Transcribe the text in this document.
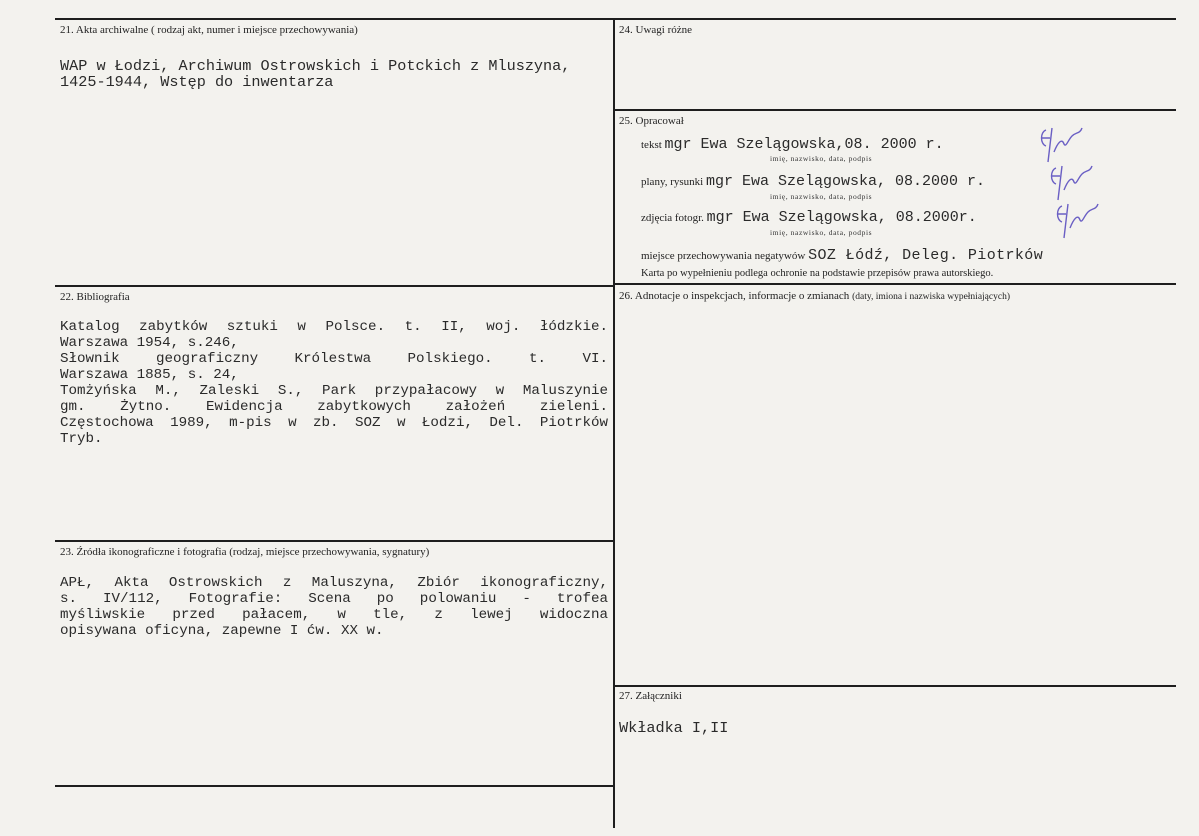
21. Akta archiwalne ( rodzaj akt, numer i miejsce przechowywania)
WAP w Łodzi, Archiwum Ostrowskich i Potckich z Mluszyna,
1425-1944, Wstęp do inwentarza
22. Bibliografia
Katalog zabytków sztuki w Polsce. t. II, woj. łódzkie.
Warszawa 1954, s.246,
Słownik geograficzny Królestwa Polskiego. t. VI.
Warszawa 1885, s. 24,
Tomżyńska M., Zaleski S., Park przypałacowy w Maluszynie
gm. Żytno. Ewidencja zabytkowych założeń zieleni.
Częstochowa 1989, m-pis w zb. SOZ w Łodzi, Del. Piotrków
Tryb.
23. Źródła ikonograficzne i fotografia (rodzaj, miejsce przechowywania, sygnatury)
APŁ, Akta Ostrowskich z Maluszyna, Zbiór ikonograficzny,
s. IV/112, Fotografie: Scena po polowaniu - trofea
myśliwskie przed pałacem, w tle, z lewej widoczna
opisywana oficyna, zapewne I ćw. XX w.
24. Uwagi różne
25. Opracował
tekst mgr Ewa Szelągowska,08. 2000 r.
imię, nazwisko, data, podpis
plany, rysunki mgr Ewa Szelągowska, 08.2000 r.
imię, nazwisko, data, podpis
zdjęcia fotogr. mgr Ewa Szelągowska, 08.2000r.
imię, nazwisko, data, podpis
miejsce przechowywania negatywów SOZ Łódź, Deleg. Piotrków
Karta po wypełnieniu podlega ochronie na podstawie przepisów prawa autorskiego.
26. Adnotacje o inspekcjach, informacje o zmianach (daty, imiona i nazwiska wypełniających)
27. Załączniki
Wkładka I,II
